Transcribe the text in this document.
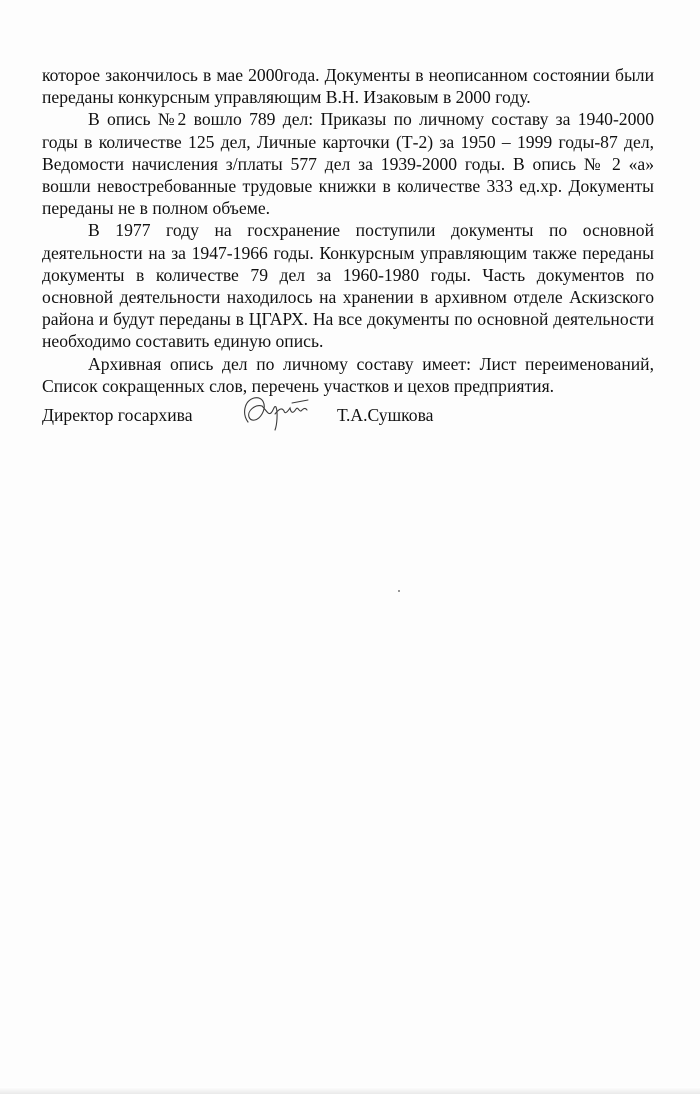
которое закончилось в мае 2000года. Документы в неописанном состоянии были переданы конкурсным управляющим В.Н. Изаковым в 2000 году.

В опись №2 вошло 789 дел: Приказы по личному составу за 1940-2000 годы в количестве 125 дел, Личные карточки (Т-2) за 1950 – 1999 годы-87 дел, Ведомости начисления з/платы 577 дел за 1939-2000 годы. В опись № 2 «а» вошли невостребованные трудовые книжки в количестве 333 ед.хр. Документы переданы не в полном объеме.

В 1977 году на госхранение поступили документы по основной деятельности на за 1947-1966 годы. Конкурсным управляющим также переданы документы в количестве 79 дел за 1960-1980 годы. Часть документов по основной деятельности находилось на хранении в архивном отделе Аскизского района и будут переданы в ЦГАРХ. На все документы по основной деятельности необходимо составить единую опись.

Архивная опись дел по личному составу имеет: Лист переименований, Список сокращенных слов, перечень участков и цехов предприятия.

Директор госархива	Т.А.Сушкова
